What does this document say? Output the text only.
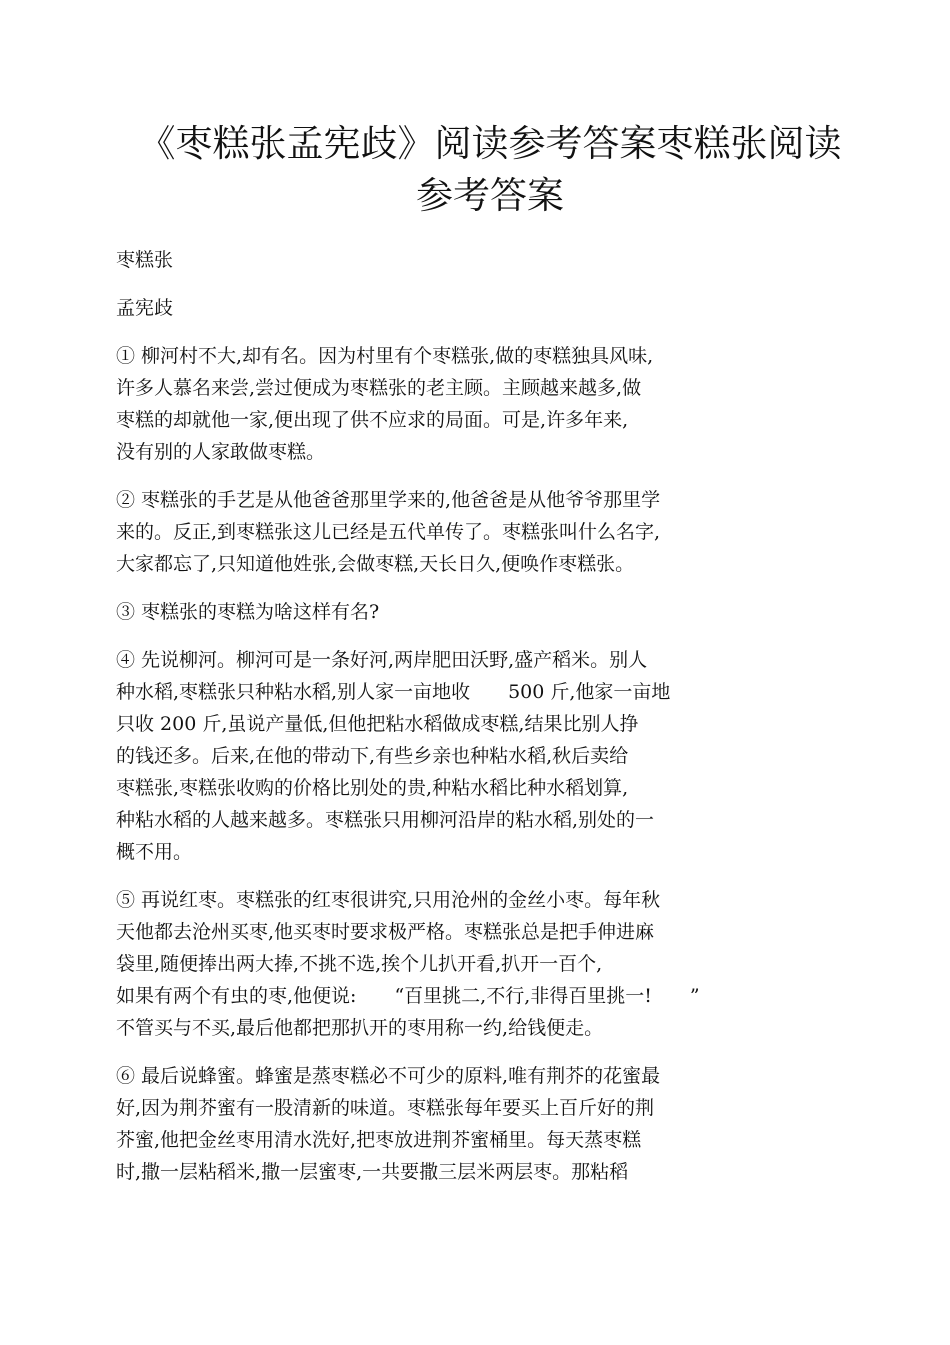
《枣糕张孟宪歧》阅读参考答案枣糕张阅读
参考答案
枣糕张
孟宪歧
① 柳河村不大,却有名。因为村里有个枣糕张,做的枣糕独具风味,
许多人慕名来尝,尝过便成为枣糕张的老主顾。主顾越来越多,做
枣糕的却就他一家,便出现了供不应求的局面。可是,许多年来,
没有别的人家敢做枣糕。
② 枣糕张的手艺是从他爸爸那里学来的,他爸爸是从他爷爷那里学
来的。反正,到枣糕张这儿已经是五代单传了。枣糕张叫什么名字,
大家都忘了,只知道他姓张,会做枣糕,天长日久,便唤作枣糕张。
③ 枣糕张的枣糕为啥这样有名?
④ 先说柳河。柳河可是一条好河,两岸肥田沃野,盛产稻米。别人
种水稻,枣糕张只种粘水稻,别人家一亩地收　　500 斤,他家一亩地
只收 200 斤,虽说产量低,但他把粘水稻做成枣糕,结果比别人挣
的钱还多。后来,在他的带动下,有些乡亲也种粘水稻,秋后卖给
枣糕张,枣糕张收购的价格比别处的贵,种粘水稻比种水稻划算,
种粘水稻的人越来越多。枣糕张只用柳河沿岸的粘水稻,别处的一
概不用。
⑤ 再说红枣。枣糕张的红枣很讲究,只用沧州的金丝小枣。每年秋
天他都去沧州买枣,他买枣时要求极严格。枣糕张总是把手伸进麻
袋里,随便捧出两大捧,不挑不选,挨个儿扒开看,扒开一百个,
如果有两个有虫的枣,他便说:　　“百里挑二,不行,非得百里挑一!　　”
不管买与不买,最后他都把那扒开的枣用称一约,给钱便走。
⑥ 最后说蜂蜜。蜂蜜是蒸枣糕必不可少的原料,唯有荆芥的花蜜最
好,因为荆芥蜜有一股清新的味道。枣糕张每年要买上百斤好的荆
芥蜜,他把金丝枣用清水洗好,把枣放进荆芥蜜桶里。每天蒸枣糕
时,撒一层粘稻米,撒一层蜜枣,一共要撒三层米两层枣。那粘稻
